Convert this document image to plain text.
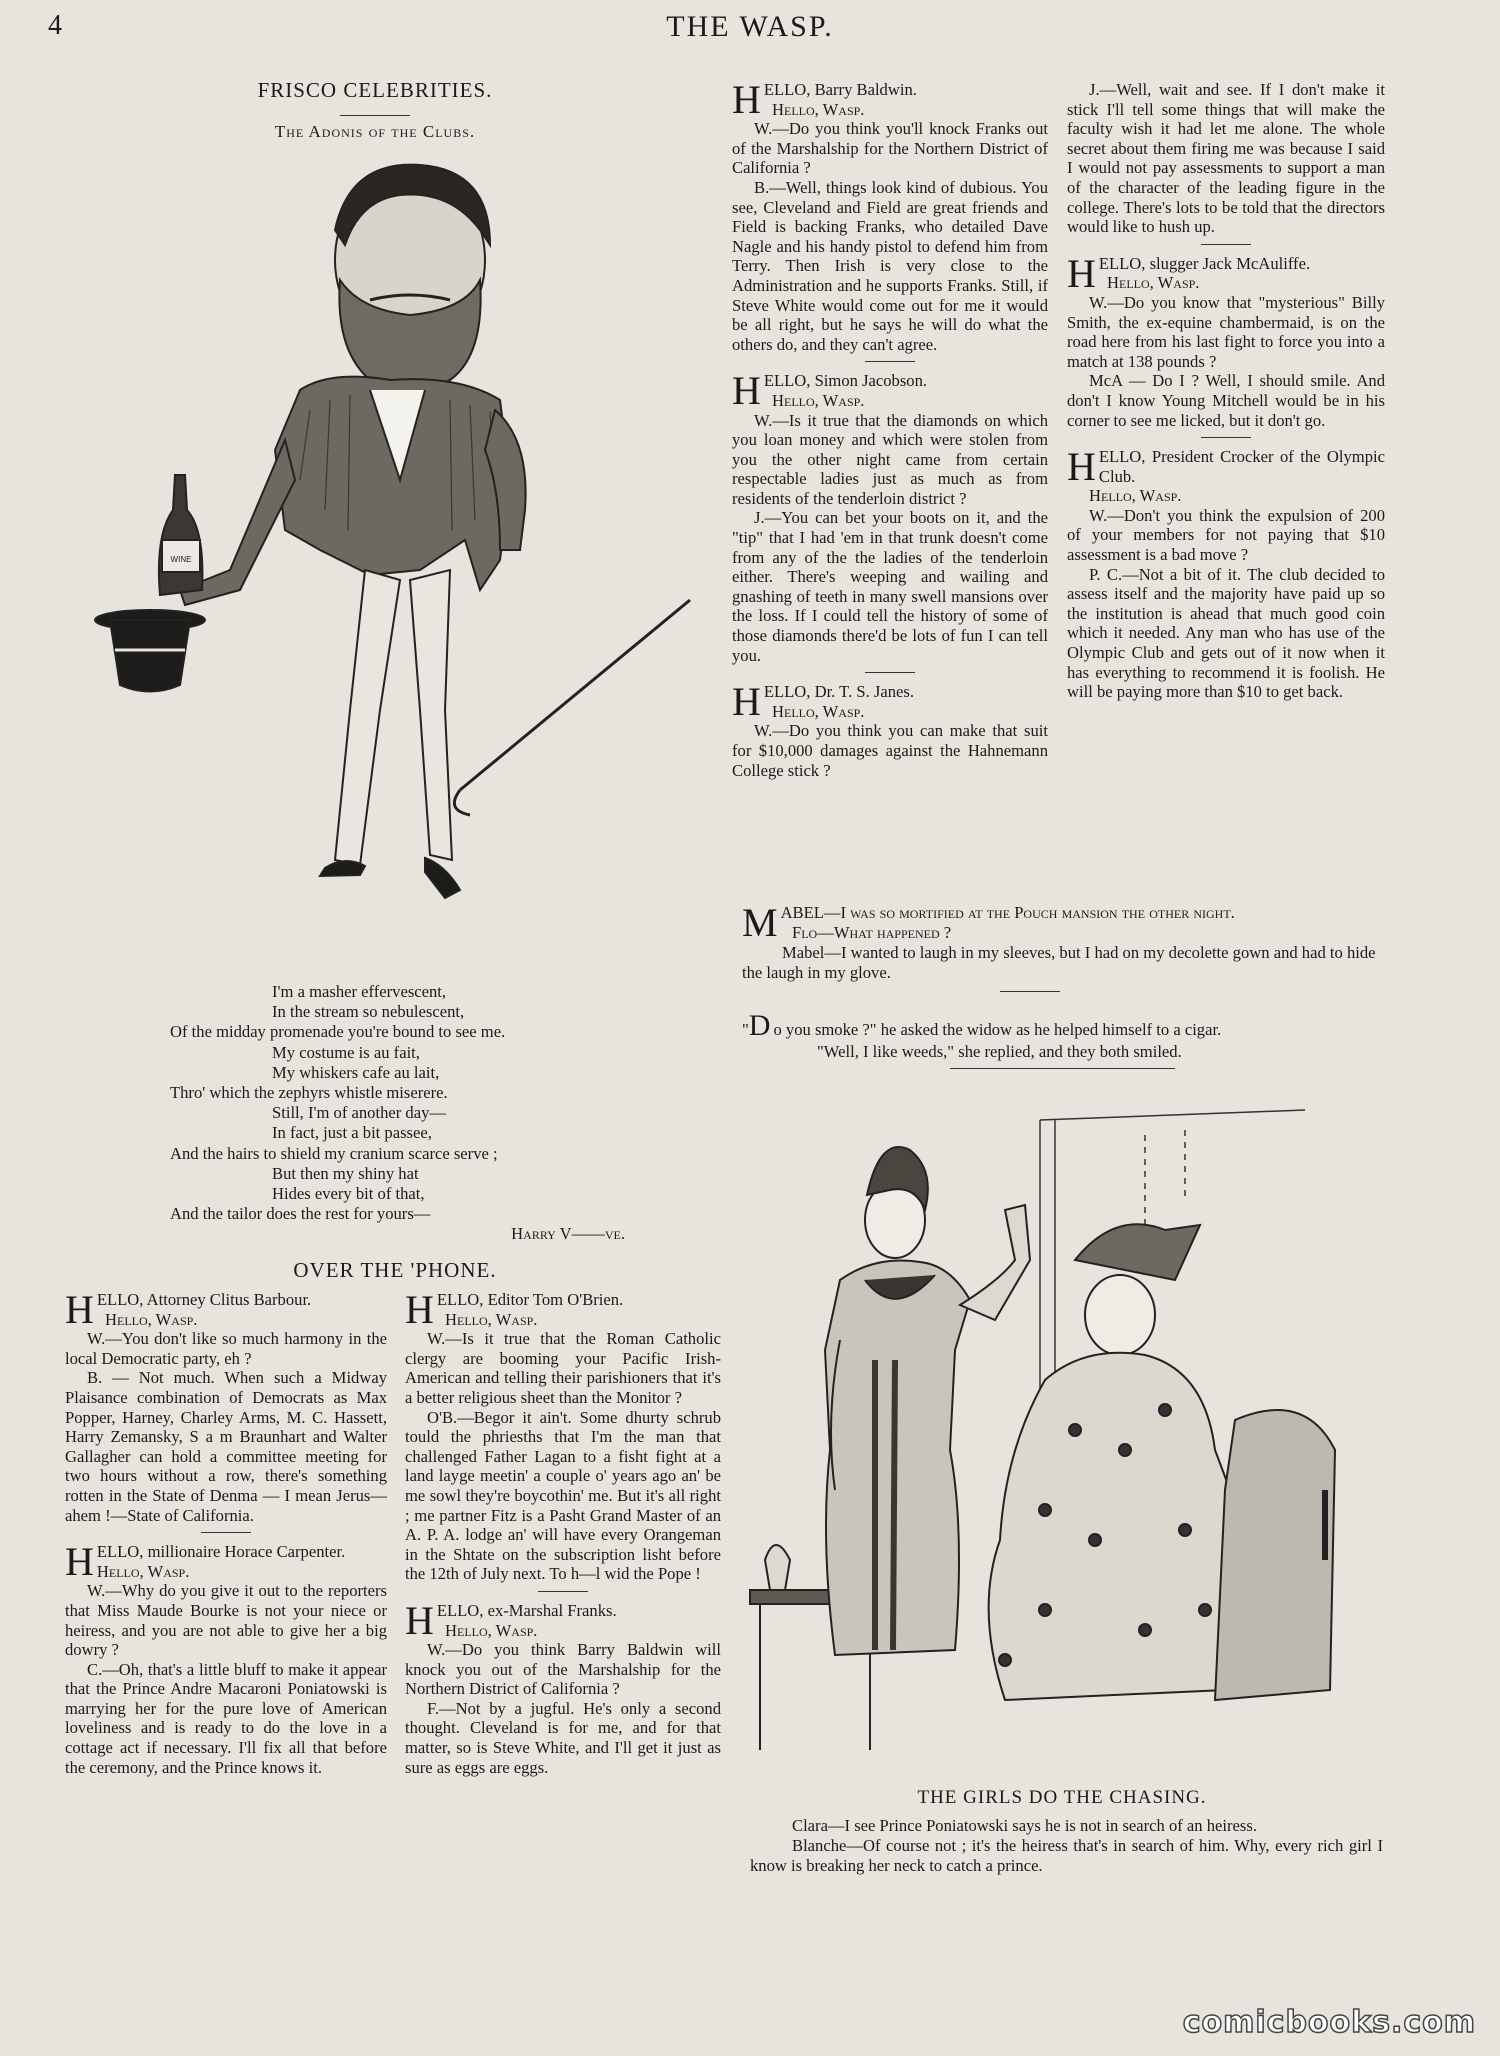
4	THE WASP.
FRISCO CELEBRITIES.
The Adonis of the Clubs.
WINE
I'm a masher effervescent,
In the stream so nebulescent,
Of the midday promenade you're bound to see me.
My costume is au fait,
My whiskers cafe au lait,
Thro' which the zephyrs whistle miserere.
Still, I'm of another day—
In fact, just a bit passee,
And the hairs to shield my cranium scarce serve ;
But then my shiny hat
Hides every bit of that,
And the tailor does the rest for yours—
Harry V——ve.
OVER THE 'PHONE.

HELLO, Attorney Clitus Barbour.

Hello, Wasp.

W.—You don't like so much harmony in the local Democratic party, eh ?

B. — Not much. When such a Midway Plaisance combination of Democrats as Max Popper, Harney, Charley Arms, M. C. Hassett, Harry Zemansky, S a m Braunhart and Walter Gallagher can hold a committee meeting for two hours without a row, there's something rotten in the State of Denma — I mean Jerus—ahem !—State of California.

HELLO, millionaire Horace Carpenter.

Hello, Wasp.

W.—Why do you give it out to the reporters that Miss Maude Bourke is not your niece or heiress, and you are not able to give her a big dowry ?

C.—Oh, that's a little bluff to make it appear that the Prince Andre Macaroni Poniatowski is marrying her for the pure love of American loveliness and is ready to do the love in a cottage act if necessary. I'll fix all that before the ceremony, and the Prince knows it.

HELLO, Editor Tom O'Brien.

Hello, Wasp.

W.—Is it true that the Roman Catholic clergy are booming your Pacific Irish-American and telling their parishioners that it's a better religious sheet than the Monitor ?

O'B.—Begor it ain't. Some dhurty schrub tould the phriesths that I'm the man that challenged Father Lagan to a fisht fight at a land layge meetin' a couple o' years ago an' be me sowl they're boycothin' me. But it's all right ; me partner Fitz is a Pasht Grand Master of an A. P. A. lodge an' will have every Orangeman in the Shtate on the subscription lisht before the 12th of July next. To h—l wid the Pope !

HELLO, ex-Marshal Franks.

Hello, Wasp.

W.—Do you think Barry Baldwin will knock you out of the Marshalship for the Northern District of California ?

F.—Not by a jugful. He's only a second thought. Cleveland is for me, and for that matter, so is Steve White, and I'll get it just as sure as eggs are eggs.

HELLO, Barry Baldwin.

Hello, Wasp.

W.—Do you think you'll knock Franks out of the Marshalship for the Northern District of California ?

B.—Well, things look kind of dubious. You see, Cleveland and Field are great friends and Field is backing Franks, who detailed Dave Nagle and his handy pistol to defend him from Terry. Then Irish is very close to the Administration and he supports Franks. Still, if Steve White would come out for me it would be all right, but he says he will do what the others do, and they can't agree.

HELLO, Simon Jacobson.

Hello, Wasp.

W.—Is it true that the diamonds on which you loan money and which were stolen from you the other night came from certain respectable ladies just as much as from residents of the tenderloin district ?

J.—You can bet your boots on it, and the "tip" that I had 'em in that trunk doesn't come from any of the the ladies of the tenderloin either. There's weeping and wailing and gnashing of teeth in many swell mansions over the loss. If I could tell the history of some of those diamonds there'd be lots of fun I can tell you.

HELLO, Dr. T. S. Janes.

Hello, Wasp.

W.—Do you think you can make that suit for $10,000 damages against the Hahnemann College stick ?

J.—Well, wait and see. If I don't make it stick I'll tell some things that will make the faculty wish it had let me alone. The whole secret about them firing me was because I said I would not pay assessments to support a man of the character of the leading figure in the college. There's lots to be told that the directors would like to hush up.

HELLO, slugger Jack McAuliffe.

Hello, Wasp.

W.—Do you know that "mysterious" Billy Smith, the ex-equine chambermaid, is on the road here from his last fight to force you into a match at 138 pounds ?

McA — Do I ? Well, I should smile. And don't I know Young Mitchell would be in his corner to see me licked, but it don't go.

HELLO, President Crocker of the Olympic Club.

Hello, Wasp.

W.—Don't you think the expulsion of 200 of your members for not paying that $10 assessment is a bad move ?

P. C.—Not a bit of it. The club decided to assess itself and the majority have paid up so the institution is ahead that much good coin which it needed. Any man who has use of the Olympic Club and gets out of it now when it has everything to recommend it is foolish. He will be paying more than $10 to get back.

MABEL—I was so mortified at the Pouch mansion the other night.

Flo—What happened ?

Mabel—I wanted to laugh in my sleeves, but I had on my decolette gown and had to hide the laugh in my glove.

"D o you smoke ?" he asked the widow as he helped himself to a cigar.

"Well, I like weeds," she replied, and they both smiled.

THE GIRLS DO THE CHASING.

Clara—I see Prince Poniatowski says he is not in search of an heiress.

Blanche—Of course not ; it's the heiress that's in search of him. Why, every rich girl I know is breaking her neck to catch a prince.

comicbooks.com
